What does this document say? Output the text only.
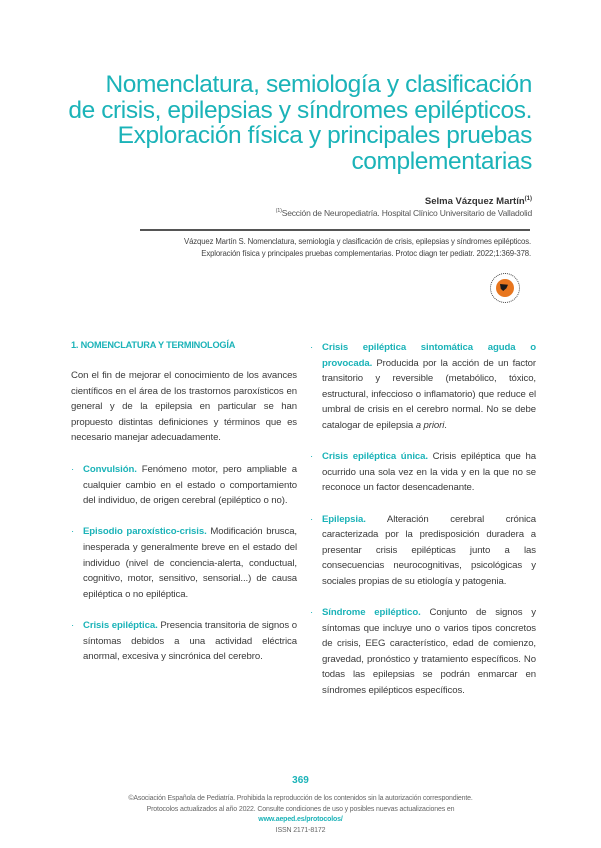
Nomenclatura, semiología y clasificación
de crisis, epilepsias y síndromes epilépticos.
Exploración física y principales pruebas
complementarias
Selma Vázquez Martín$^{(1)}$
$^{(1)}$Sección de Neuropediatría. Hospital Clínico Universitario de Valladolid
Vázquez Martín S. Nomenclatura, semiología y clasificación de crisis, epilepsias y síndromes epilépticos.
Exploración física y principales pruebas complementarias. Protoc diagn ter pediatr. 2022;1:369-378.
1. NOMENCLATURA Y TERMINOLOGÍA

Con el fin de mejorar el conocimiento de los avances científicos en el área de los trastornos paroxísticos en general y de la epilepsia en particular se han propuesto distintas definiciones y términos que es necesario manejar adecuadamente.

· Convulsión. Fenómeno motor, pero ampliable a cualquier cambio en el estado o comportamiento del individuo, de origen cerebral (epiléptico o no).
· Episodio paroxístico-crisis. Modificación brusca, inesperada y generalmente breve en el estado del individuo (nivel de conciencia-alerta, conductual, cognitivo, motor, sensitivo, sensorial...) de causa epiléptica o no epiléptica.
· Crisis epiléptica. Presencia transitoria de signos o síntomas debidos a una actividad eléctrica anormal, excesiva y sincrónica del cerebro.
· Crisis epiléptica sintomática aguda o provocada. Producida por la acción de un factor transitorio y reversible (metabólico, tóxico, estructural, infeccioso o inflamatorio) que reduce el umbral de crisis en el cerebro normal. No se debe catalogar de epilepsia a priori.
· Crisis epiléptica única. Crisis epiléptica que ha ocurrido una sola vez en la vida y en la que no se reconoce un factor desencadenante.
· Epilepsia. Alteración cerebral crónica caracterizada por la predisposición duradera a presentar crisis epilépticas junto a las consecuencias neurocognitivas, psicológicas y sociales propias de su etiología y patogenia.
· Síndrome epiléptico. Conjunto de signos y síntomas que incluye uno o varios tipos concretos de crisis, EEG característico, edad de comienzo, gravedad, pronóstico y tratamiento específicos. No todas las epilepsias se podrán enmarcar en síndromes epilépticos específicos.
369
©Asociación Española de Pediatría. Prohibida la reproducción de los contenidos sin la autorización correspondiente.
Protocolos actualizados al año 2022. Consulte condiciones de uso y posibles nuevas actualizaciones en
www.aeped.es/protocolos/
ISSN 2171-8172
